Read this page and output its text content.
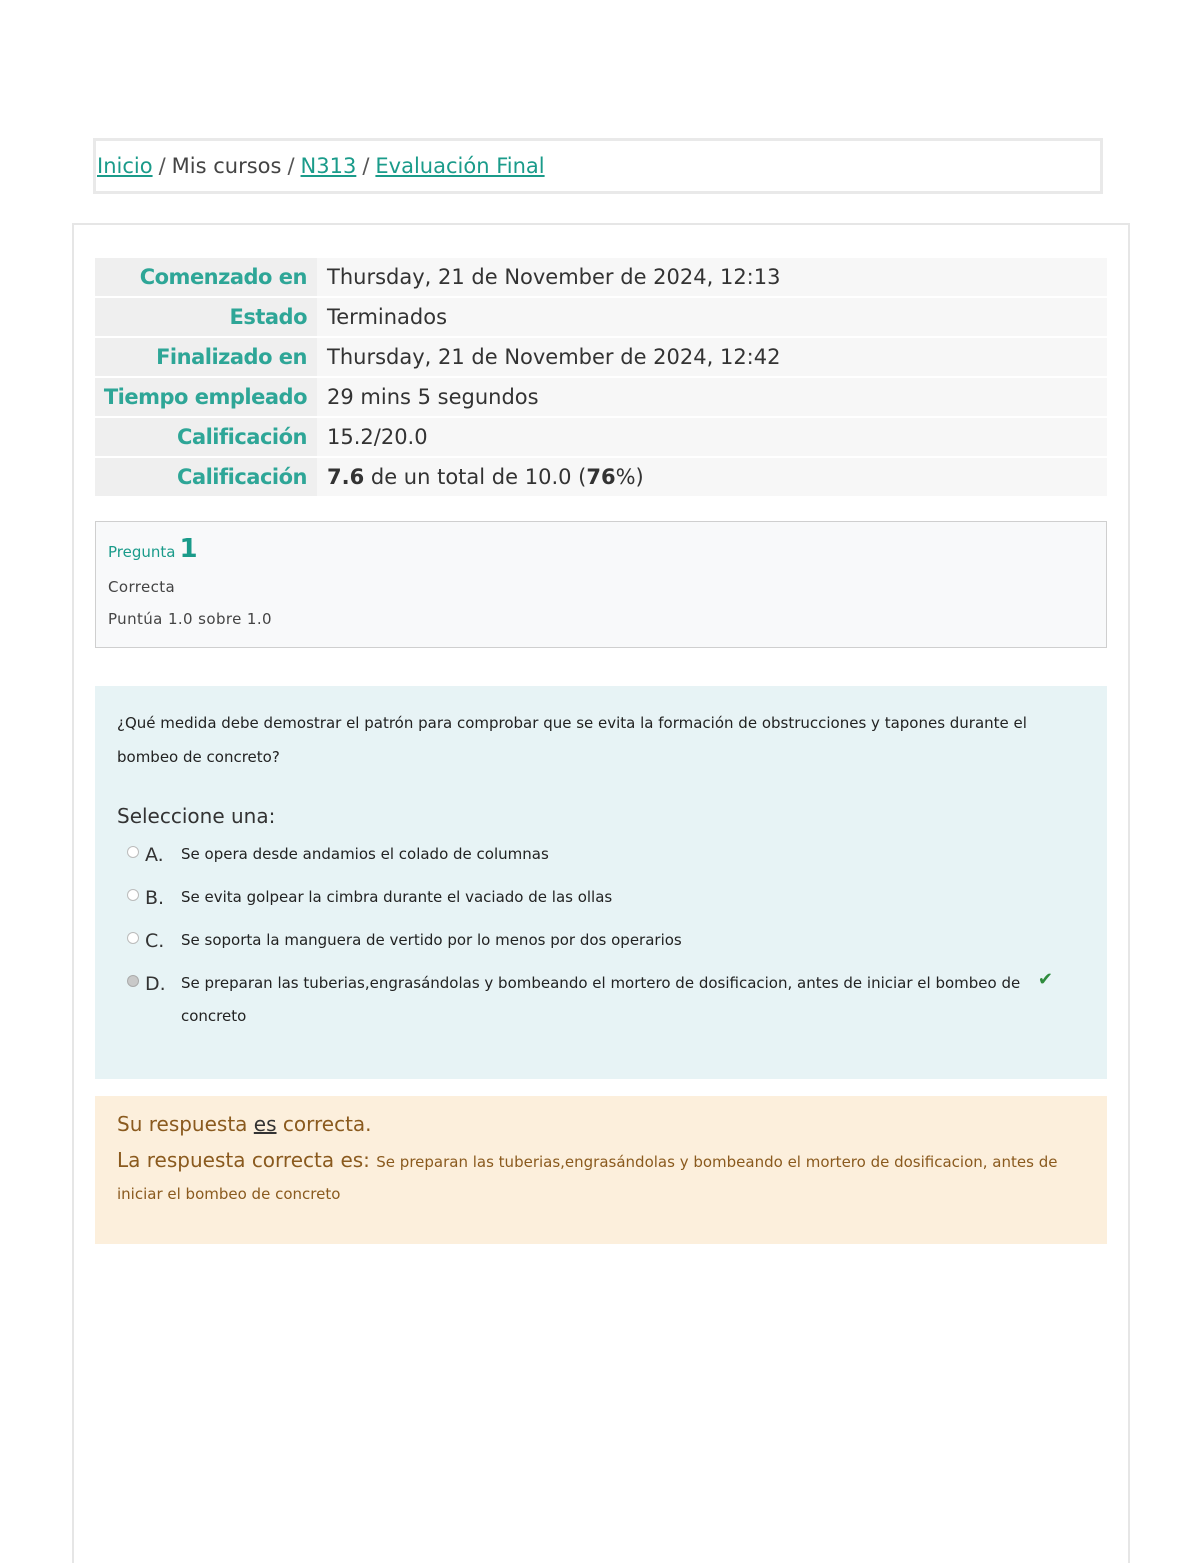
Inicio / Mis cursos / N313 / Evaluación Final
Comenzado en	Thursday, 21 de November de 2024, 12:13
Estado	Terminados
Finalizado en	Thursday, 21 de November de 2024, 12:42
Tiempo empleado	29 mins 5 segundos
Calificación	15.2/20.0
Calificación	7.6 de un total de 10.0 (76%)
Pregunta 1
Correcta
Puntúa 1.0 sobre 1.0
¿Qué medida debe demostrar el patrón para comprobar que se evita la formación de obstrucciones y tapones durante el bombeo de concreto?
Seleccione una:
A.	Se opera desde andamios el colado de columnas
B.	Se evita golpear la cimbra durante el vaciado de las ollas
C.	Se soporta la manguera de vertido por lo menos por dos operarios
D.	Se preparan las tuberias,engrasándolas y bombeando el mortero de dosificacion, antes de iniciar el bombeo de concreto
✔
Su respuesta es correcta.
La respuesta correcta es: Se preparan las tuberias,engrasándolas y bombeando el mortero de dosificacion, antes de iniciar el bombeo de concreto
